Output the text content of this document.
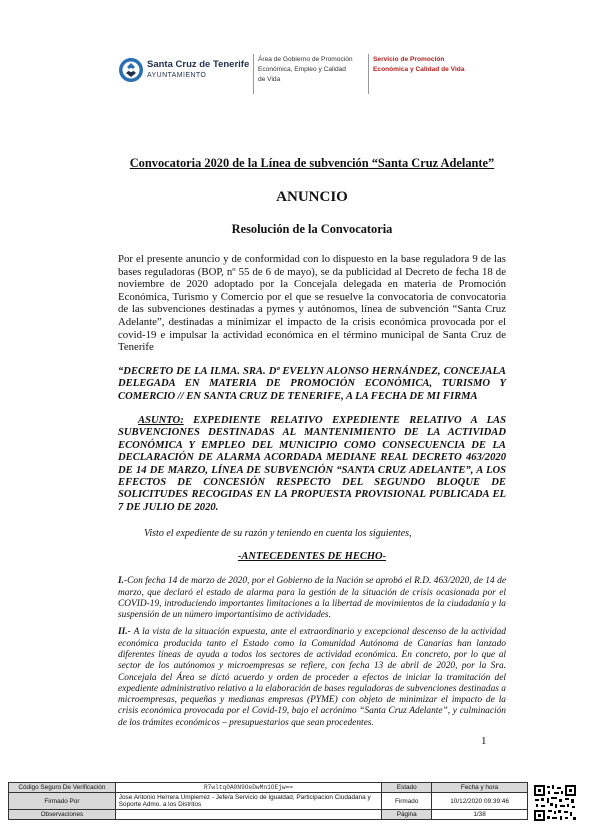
Santa Cruz de Tenerife
AYUNTAMIENTO
Área de Gobierno de Promoción
Económica, Empleo y Calidad
de Vida
Servicio de Promoción
Económica y Calidad de Vida

Convocatoria 2020 de la Línea de subvención “Santa Cruz Adelante”

ANUNCIO

Resolución de la Convocatoria

Por el presente anuncio y de conformidad con lo dispuesto en la base reguladora 9 de las bases reguladoras (BOP, nº 55 de 6 de mayo), se da publicidad al Decreto de fecha 18 de noviembre de 2020 adoptado por la Concejala delegada en materia de Promoción Económica, Turismo y Comercio por el que se resuelve la convocatoria de convocatoria de las subvenciones destinadas a pymes y autónomos, línea de subvención “Santa Cruz Adelante”, destinadas a minimizar el impacto de la crisis económica provocada por el covid-19 e impulsar la actividad económica en el término municipal de Santa Cruz de Tenerife

“DECRETO DE LA ILMA. SRA. Dª EVELYN ALONSO HERNÁNDEZ, CONCEJALA DELEGADA EN MATERIA DE PROMOCIÓN ECONÓMICA, TURISMO Y COMERCIO // EN SANTA CRUZ DE TENERIFE, A LA FECHA DE MI FIRMA

ASUNTO: EXPEDIENTE RELATIVO EXPEDIENTE RELATIVO A LAS SUBVENCIONES DESTINADAS AL MANTENIMIENTO DE LA ACTIVIDAD ECONÓMICA Y EMPLEO DEL MUNICIPIO COMO CONSECUENCIA DE LA DECLARACIÓN DE ALARMA ACORDADA MEDIANE REAL DECRETO 463/2020 DE 14 DE MARZO, LÍNEA DE SUBVENCIÓN “SANTA CRUZ ADELANTE”, A LOS EFECTOS DE CONCESIÓN RESPECTO DEL SEGUNDO BLOQUE DE SOLICITUDES RECOGIDAS EN LA PROPUESTA PROVISIONAL PUBLICADA EL 7 DE JULIO DE 2020.

Visto el expediente de su razón y teniendo en cuenta los siguientes,

-ANTECEDENTES DE HECHO-

I.-Con fecha 14 de marzo de 2020, por el Gobierno de la Nación se aprobó el R.D. 463/2020, de 14 de marzo, que declaró el estado de alarma para la gestión de la situación de crisis ocasionada por el COVID-19, introduciendo importantes limitaciones a la libertad de movimientos de la ciudadanía y la suspensión de un número importantísimo de actividades.

II.- A la vista de la situación expuesta, ante el extraordinario y excepcional descenso de la actividad económica producida tanto el Estado como la Comunidad Autónoma de Canarias han lanzado diferentes líneas de ayuda a todos los sectores de actividad económica. En concreto, por lo que al sector de los autónomos y microempresas se refiere, con fecha 13 de abril de 2020, por la Sra. Concejala del Área se dictó acuerdo y orden de proceder a efectos de iniciar la tramitación del expediente administrativo relativo a la elaboración de bases reguladoras de subvenciones destinadas a microempresas, pequeñas y medianas empresas (PYME) con objeto de minimizar el impacto de la crisis económica provocada por el Covid-19, bajo el acrónimo “Santa Cruz Adelante”, y culminación de los trámites económicos – presupuestarios que sean procedentes.

1
Código Seguro De Verificación	R7wltq0A0N9OeDwMn1OEjw==	Estado	Fecha y hora
Firmado Por	Jose Antonio Herrera Umpierrez - Jefe/a Servicio de Igualdad, Participacion Ciudadana y Soporte Admo. a los Distritos	Firmado	10/12/2020 09:39:46
Observaciones		Página	1/38
